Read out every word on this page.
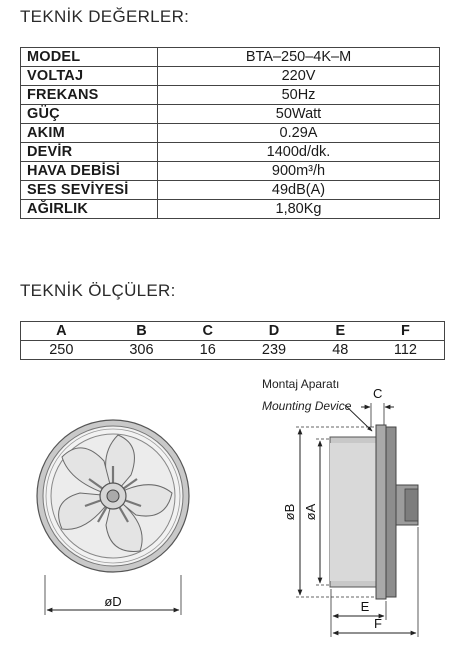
TEKNİK DEĞERLER:
MODEL	BTA–250–4K–M
VOLTAJ	220V
FREKANS	50Hz
GÜÇ	50Watt
AKIM	0.29A
DEVİR	1400d/dk.
HAVA DEBİSİ	900m³/h
SES SEVİYESİ	49dB(A)
AĞIRLIK	1,80Kg
TEKNİK ÖLÇÜLER:
A	B	C	D	E	F
250	306	16	239	48	112
øD
Montaj Aparatı
Mounting Device
C
øB øA
E
F
